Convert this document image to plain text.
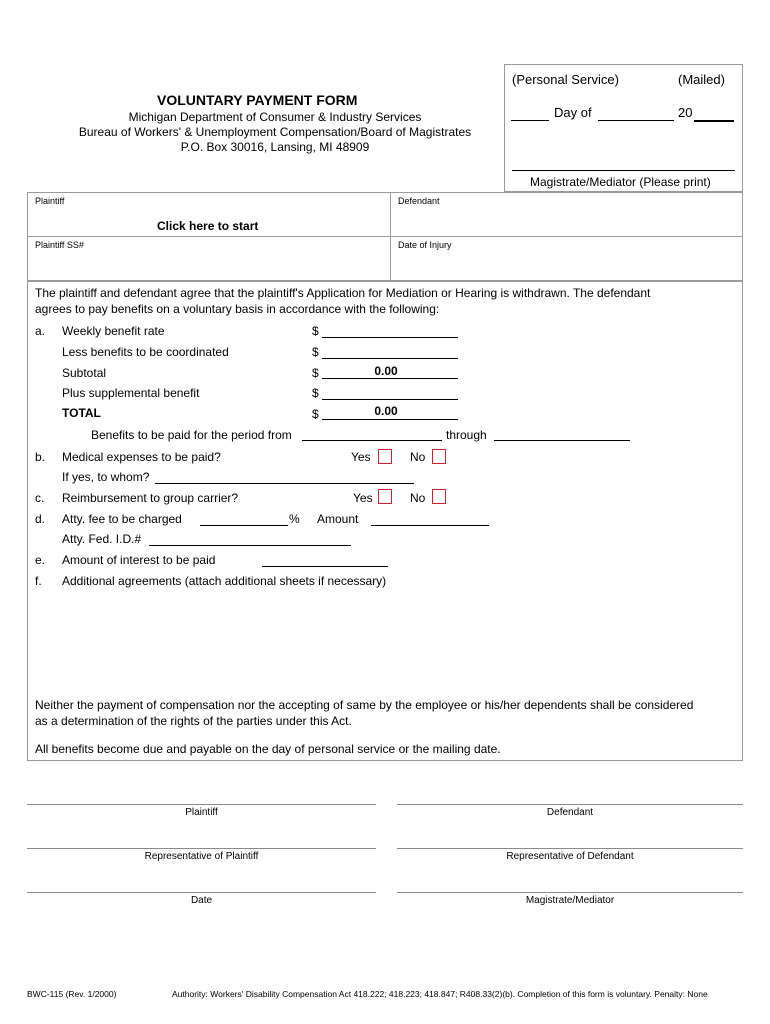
(Personal Service)	(Mailed)
Day of	20
Magistrate/Mediator (Please print)
VOLUNTARY PAYMENT FORM
Michigan Department of Consumer & Industry Services
Bureau of Workers' & Unemployment Compensation/Board of Magistrates
P.O. Box 30016, Lansing, MI 48909
Plaintiff	Defendant
Click here to start
Plaintiff SS#	Date of Injury
The plaintiff and defendant agree that the plaintiff's Application for Mediation or Hearing is withdrawn. The defendant
agrees to pay benefits on a voluntary basis in accordance with the following:
a. Weekly benefit rate	$
Less benefits to be coordinated	$
Subtotal	$	0.00
Plus supplemental benefit	$
TOTAL	$	0.00
Benefits to be paid for the period from	through
b. Medical expenses to be paid?	Yes	No
If yes, to whom?
c. Reimbursement to group carrier?	Yes	No
d. Atty. fee to be charged	% Amount
Atty. Fed. I.D.#
e. Amount of interest to be paid
f. Additional agreements (attach additional sheets if necessary)
Neither the payment of compensation nor the accepting of same by the employee or his/her dependents shall be considered
as a determination of the rights of the parties under this Act.
All benefits become due and payable on the day of personal service or the mailing date.
Plaintiff	Defendant
Representative of Plaintiff	Representative of Defendant
Date	Magistrate/Mediator
BWC-115 (Rev. 1/2000)	Authority: Workers' Disability Compensation Act 418.222; 418.223; 418.847; R408.33(2)(b). Completion of this form is voluntary. Penalty: None
